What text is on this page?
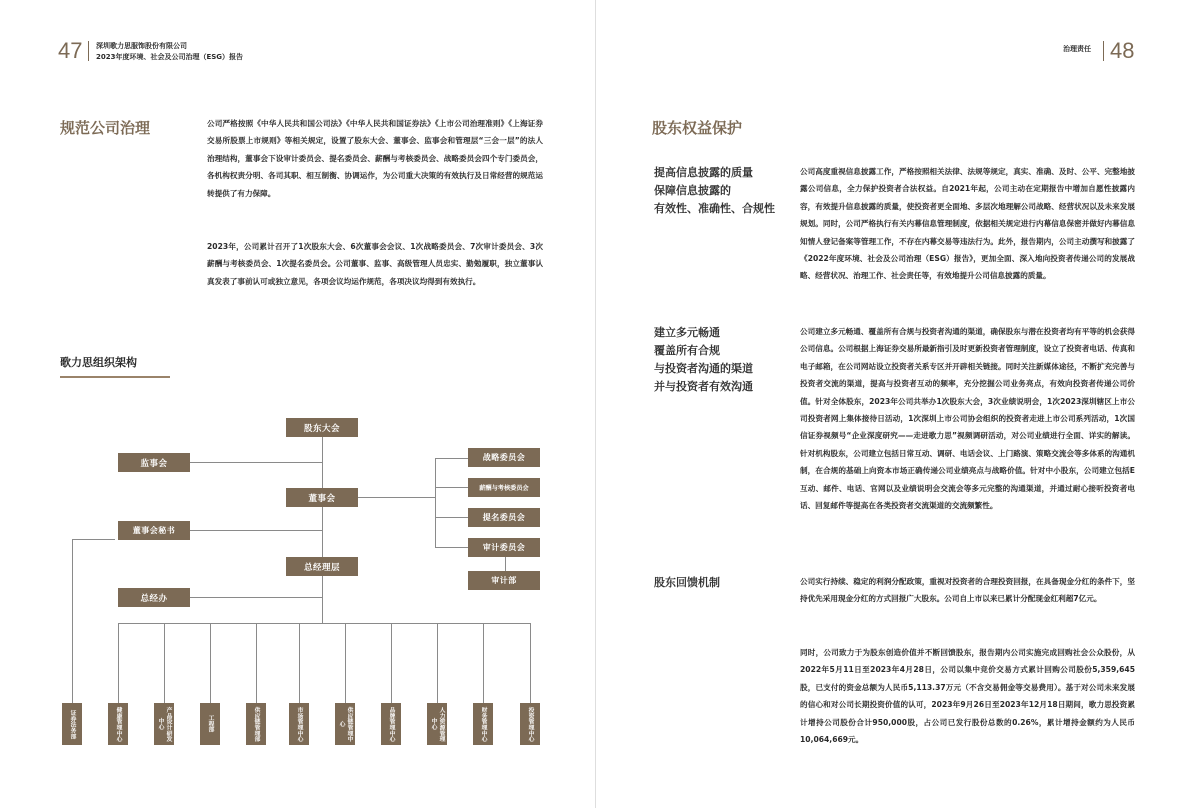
47 深圳歌力思服饰股份有限公司
2023年度环境、社会及公司治理（ESG）报告
规范公司治理	公司严格按照《中华人民共和国公司法》《中华人民共和国证券法》《上市公司治理准则》《上海证券交易所股票上市规则》等相关规定，设置了股东大会、董事会、监事会和管理层“三会一层”的法人治理结构，董事会下设审计委员会、提名委员会、薪酬与考核委员会、战略委员会四个专门委员会，各机构权责分明、各司其职、相互制衡、协调运作，为公司重大决策的有效执行及日常经营的规范运转提供了有力保障。
2023年，公司累计召开了1次股东大会、6次董事会会议、1次战略委员会、7次审计委员会、3次薪酬与考核委员会、1次提名委员会。公司董事、监事、高级管理人员忠实、勤勉履职，独立董事认真发表了事前认可或独立意见，各项会议均运作规范，各项决议均得到有效执行。
歌力思组织架构
股东大会
监事会
董事会
董事会秘书
总经理层
总经办
战略委员会
薪酬与考核委员会
提名委员会
审计委员会
审计部
证券法务部	健康管理中心	产品设计研发中心	工程部	供应链管理部	市场管理中心	供应链管理中心	品牌管理中心	人力资源管理中心	财务管理中心	投资管理中心
治理责任 48
股东权益保护
提高信息披露的质量
保障信息披露的
有效性、准确性、合规性
公司高度重视信息披露工作，严格按照相关法律、法规等规定，真实、准确、及时、公平、完整地披露公司信息，全力保护投资者合法权益。自2021年起，公司主动在定期报告中增加自愿性披露内容，有效提升信息披露的质量，使投资者更全面地、多层次地理解公司战略、经营状况以及未来发展规划。同时，公司严格执行有关内幕信息管理制度，依据相关规定进行内幕信息保密并做好内幕信息知情人登记备案等管理工作，不存在内幕交易等违法行为。此外，报告期内，公司主动撰写和披露了《2022年度环境、社会及公司治理（ESG）报告》，更加全面、深入地向投资者传递公司的发展战略、经营状况、治理工作、社会责任等，有效地提升公司信息披露的质量。
建立多元畅通
覆盖所有合规
与投资者沟通的渠道
并与投资者有效沟通
公司建立多元畅通、覆盖所有合规与投资者沟通的渠道，确保股东与潜在投资者均有平等的机会获得公司信息。公司根据上海证券交易所最新指引及时更新投资者管理制度，设立了投资者电话、传真和电子邮箱，在公司网站设立投资者关系专区并开辟相关链接。同时关注新媒体途径，不断扩充完善与投资者交流的渠道，提高与投资者互动的频率，充分挖掘公司业务亮点，有效向投资者传递公司价值。针对全体股东，2023年公司共举办1次股东大会，3次业绩说明会，1次2023深圳辖区上市公司投资者网上集体接待日活动，1次深圳上市公司协会组织的投资者走进上市公司系列活动，1次国信证券视频号“企业深度研究——走进歌力思”视频调研活动，对公司业绩进行全面、详实的解读。针对机构股东，公司建立包括日常互动、调研、电话会议、上门路演、策略交流会等多体系的沟通机制，在合规的基础上向资本市场正确传递公司业绩亮点与战略价值。针对中小股东，公司建立包括E互动、邮件、电话、官网以及业绩说明会交流会等多元完整的沟通渠道，并通过耐心接听投资者电话、回复邮件等提高在各类投资者交流渠道的交流频繁性。
股东回馈机制	公司实行持续、稳定的利润分配政策，重视对投资者的合理投资回报，在具备现金分红的条件下，坚持优先采用现金分红的方式回报广大股东。公司自上市以来已累计分配现金红利超7亿元。
同时，公司致力于为股东创造价值并不断回馈股东，报告期内公司实施完成回购社会公众股份，从2022年5月11日至2023年4月28日，公司以集中竞价交易方式累计回购公司股份5,359,645股，已支付的资金总额为人民币5,113.37万元（不含交易佣金等交易费用）。基于对公司未来发展的信心和对公司长期投资价值的认可，2023年9月26日至2023年12月18日期间，歌力思投资累计增持公司股份合计950,000股，占公司已发行股份总数的0.26%，累计增持金额约为人民币10,064,669元。
